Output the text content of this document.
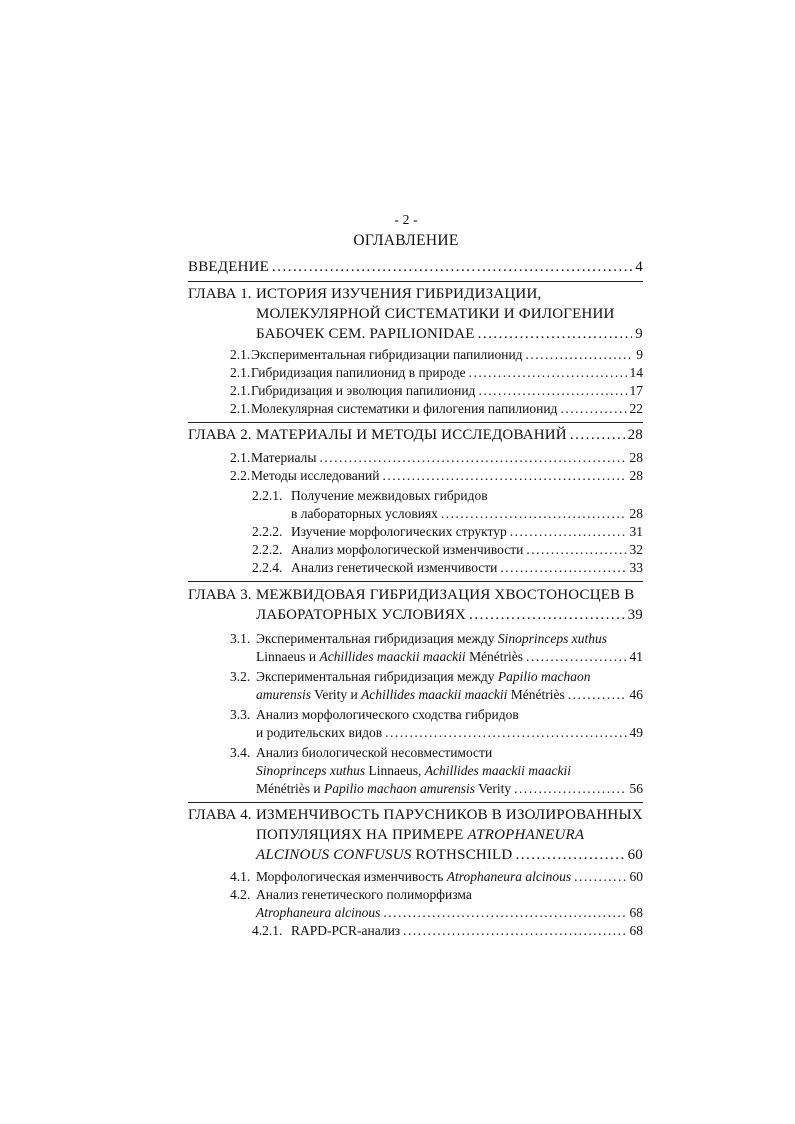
- 2 -
ОГЛАВЛЕНИЕ
ВВЕДЕНИЕ .....	4
ГЛАВА 1. ИСТОРИЯ ИЗУЧЕНИЯ ГИБРИДИЗАЦИИ,
МОЛЕКУЛЯРНОЙ СИСТЕМАТИКИ И ФИЛОГЕНИИ
БАБОЧЕК СЕМ. PAPILIONIDAE .....	9
2.1. Экспериментальная гибридизации папилионид .....	9
2.1. Гибридизация папилионид в природе .....	14
2.1. Гибридизация и эволюция папилионид .....	17
2.1. Молекулярная систематики и филогения папилионид .....	22
ГЛАВА 2. МАТЕРИАЛЫ И МЕТОДЫ ИССЛЕДОВАНИЙ .....	28
2.1. Материалы .....	28
2.2. Методы исследований .....	28
2.2.1. Получение межвидовых гибридов
в лабораторных условиях .....	28
2.2.2. Изучение морфологических структур .....	31
2.2.2. Анализ морфологической изменчивости .....	32
2.2.4. Анализ генетической изменчивости .....	33
ГЛАВА 3. МЕЖВИДОВАЯ ГИБРИДИЗАЦИЯ ХВОСТОНОСЦЕВ В
ЛАБОРАТОРНЫХ УСЛОВИЯХ .....	39
3.1. Экспериментальная гибридизация между Sinoprinceps xuthus
Linnaeus и Achillides maackii maackii Ménétriès .....	41
3.2. Экспериментальная гибридизация между Papilio machaon
amurensis Verity и Achillides maackii maackii Ménétriès .....	46
3.3. Анализ морфологического сходства гибридов
и родительских видов .....	49
3.4. Анализ биологической несовместимости
Sinoprinceps xuthus Linnaeus, Achillides maackii maackii
Ménétriès и Papilio machaon amurensis Verity .....	56
ГЛАВА 4. ИЗМЕНЧИВОСТЬ ПАРУСНИКОВ В ИЗОЛИРОВАННЫХ
ПОПУЛЯЦИЯХ НА ПРИМЕРЕ ATROPHANEURA
ALCINOUS CONFUSUS ROTHSCHILD .....	60
4.1. Морфологическая изменчивость Atrophaneura alcinous .....	60
4.2. Анализ генетического полиморфизма
Atrophaneura alcinous .....	68
4.2.1. RAPD-PCR-анализ .....	68
